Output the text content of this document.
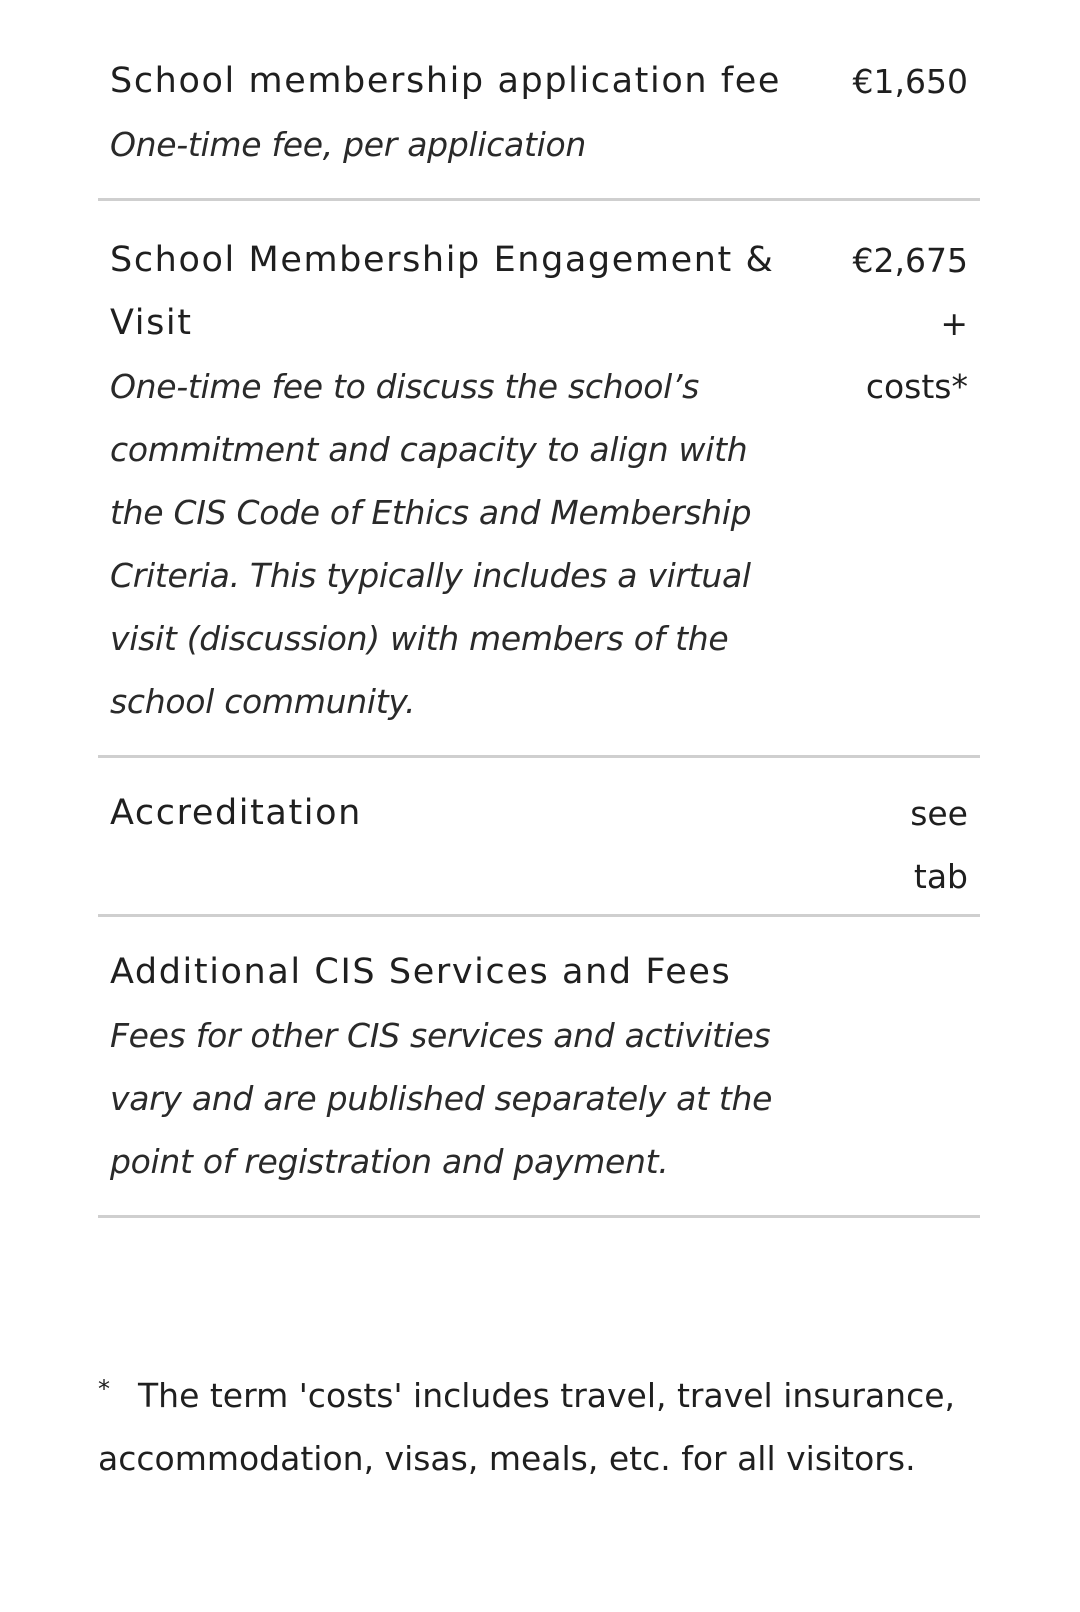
School membership application fee

One-time fee, per application

€1,650

School Membership Engagement & Visit

One-time fee to discuss the school’s commitment and capacity to align with the CIS Code of Ethics and Membership Criteria. This typically includes a virtual visit (discussion) with members of the school community.

€2,675 + costs*

Accreditation	see tab

Additional CIS Services and Fees

Fees for other CIS services and activities vary and are published separately at the point of registration and payment.

* The term 'costs' includes travel, travel insurance, accommodation, visas, meals, etc. for all visitors.
